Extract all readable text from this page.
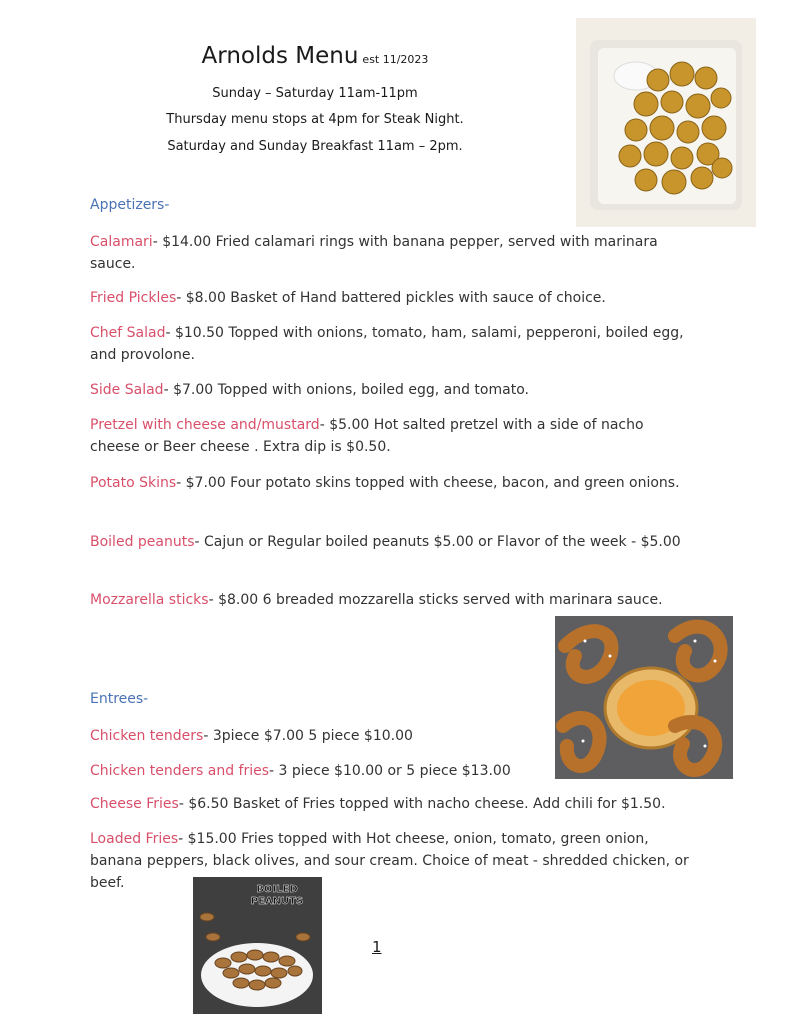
Arnolds Menu est 11/2023
Sunday – Saturday 11am-11pm
Thursday menu stops at 4pm for Steak Night.
Saturday and Sunday Breakfast 11am – 2pm.
Appetizers-
Calamari- $14.00 Fried calamari rings with banana pepper, served with marinara sauce.
Fried Pickles- $8.00 Basket of Hand battered pickles with sauce of choice.
Chef Salad- $10.50 Topped with onions, tomato, ham, salami, pepperoni, boiled egg, and provolone.
Side Salad- $7.00 Topped with onions, boiled egg, and tomato.
Pretzel with cheese and/mustard- $5.00 Hot salted pretzel with a side of nacho cheese or Beer cheese . Extra dip is $0.50.
Potato Skins- $7.00 Four potato skins topped with cheese, bacon, and green onions.
Boiled peanuts- Cajun or Regular boiled peanuts $5.00 or Flavor of the week - $5.00
Mozzarella sticks- $8.00 6 breaded mozzarella sticks served with marinara sauce.
Entrees-
Chicken tenders- 3piece $7.00 5 piece $10.00
Chicken tenders and fries- 3 piece $10.00 or 5 piece $13.00
Cheese Fries- $6.50 Basket of Fries topped with nacho cheese. Add chili for $1.50.
Loaded Fries- $15.00 Fries topped with Hot cheese, onion, tomato, green onion, banana peppers, black olives, and sour cream. Choice of meat - shredded chicken, or beef.	BOILED
PEANUTS
1
